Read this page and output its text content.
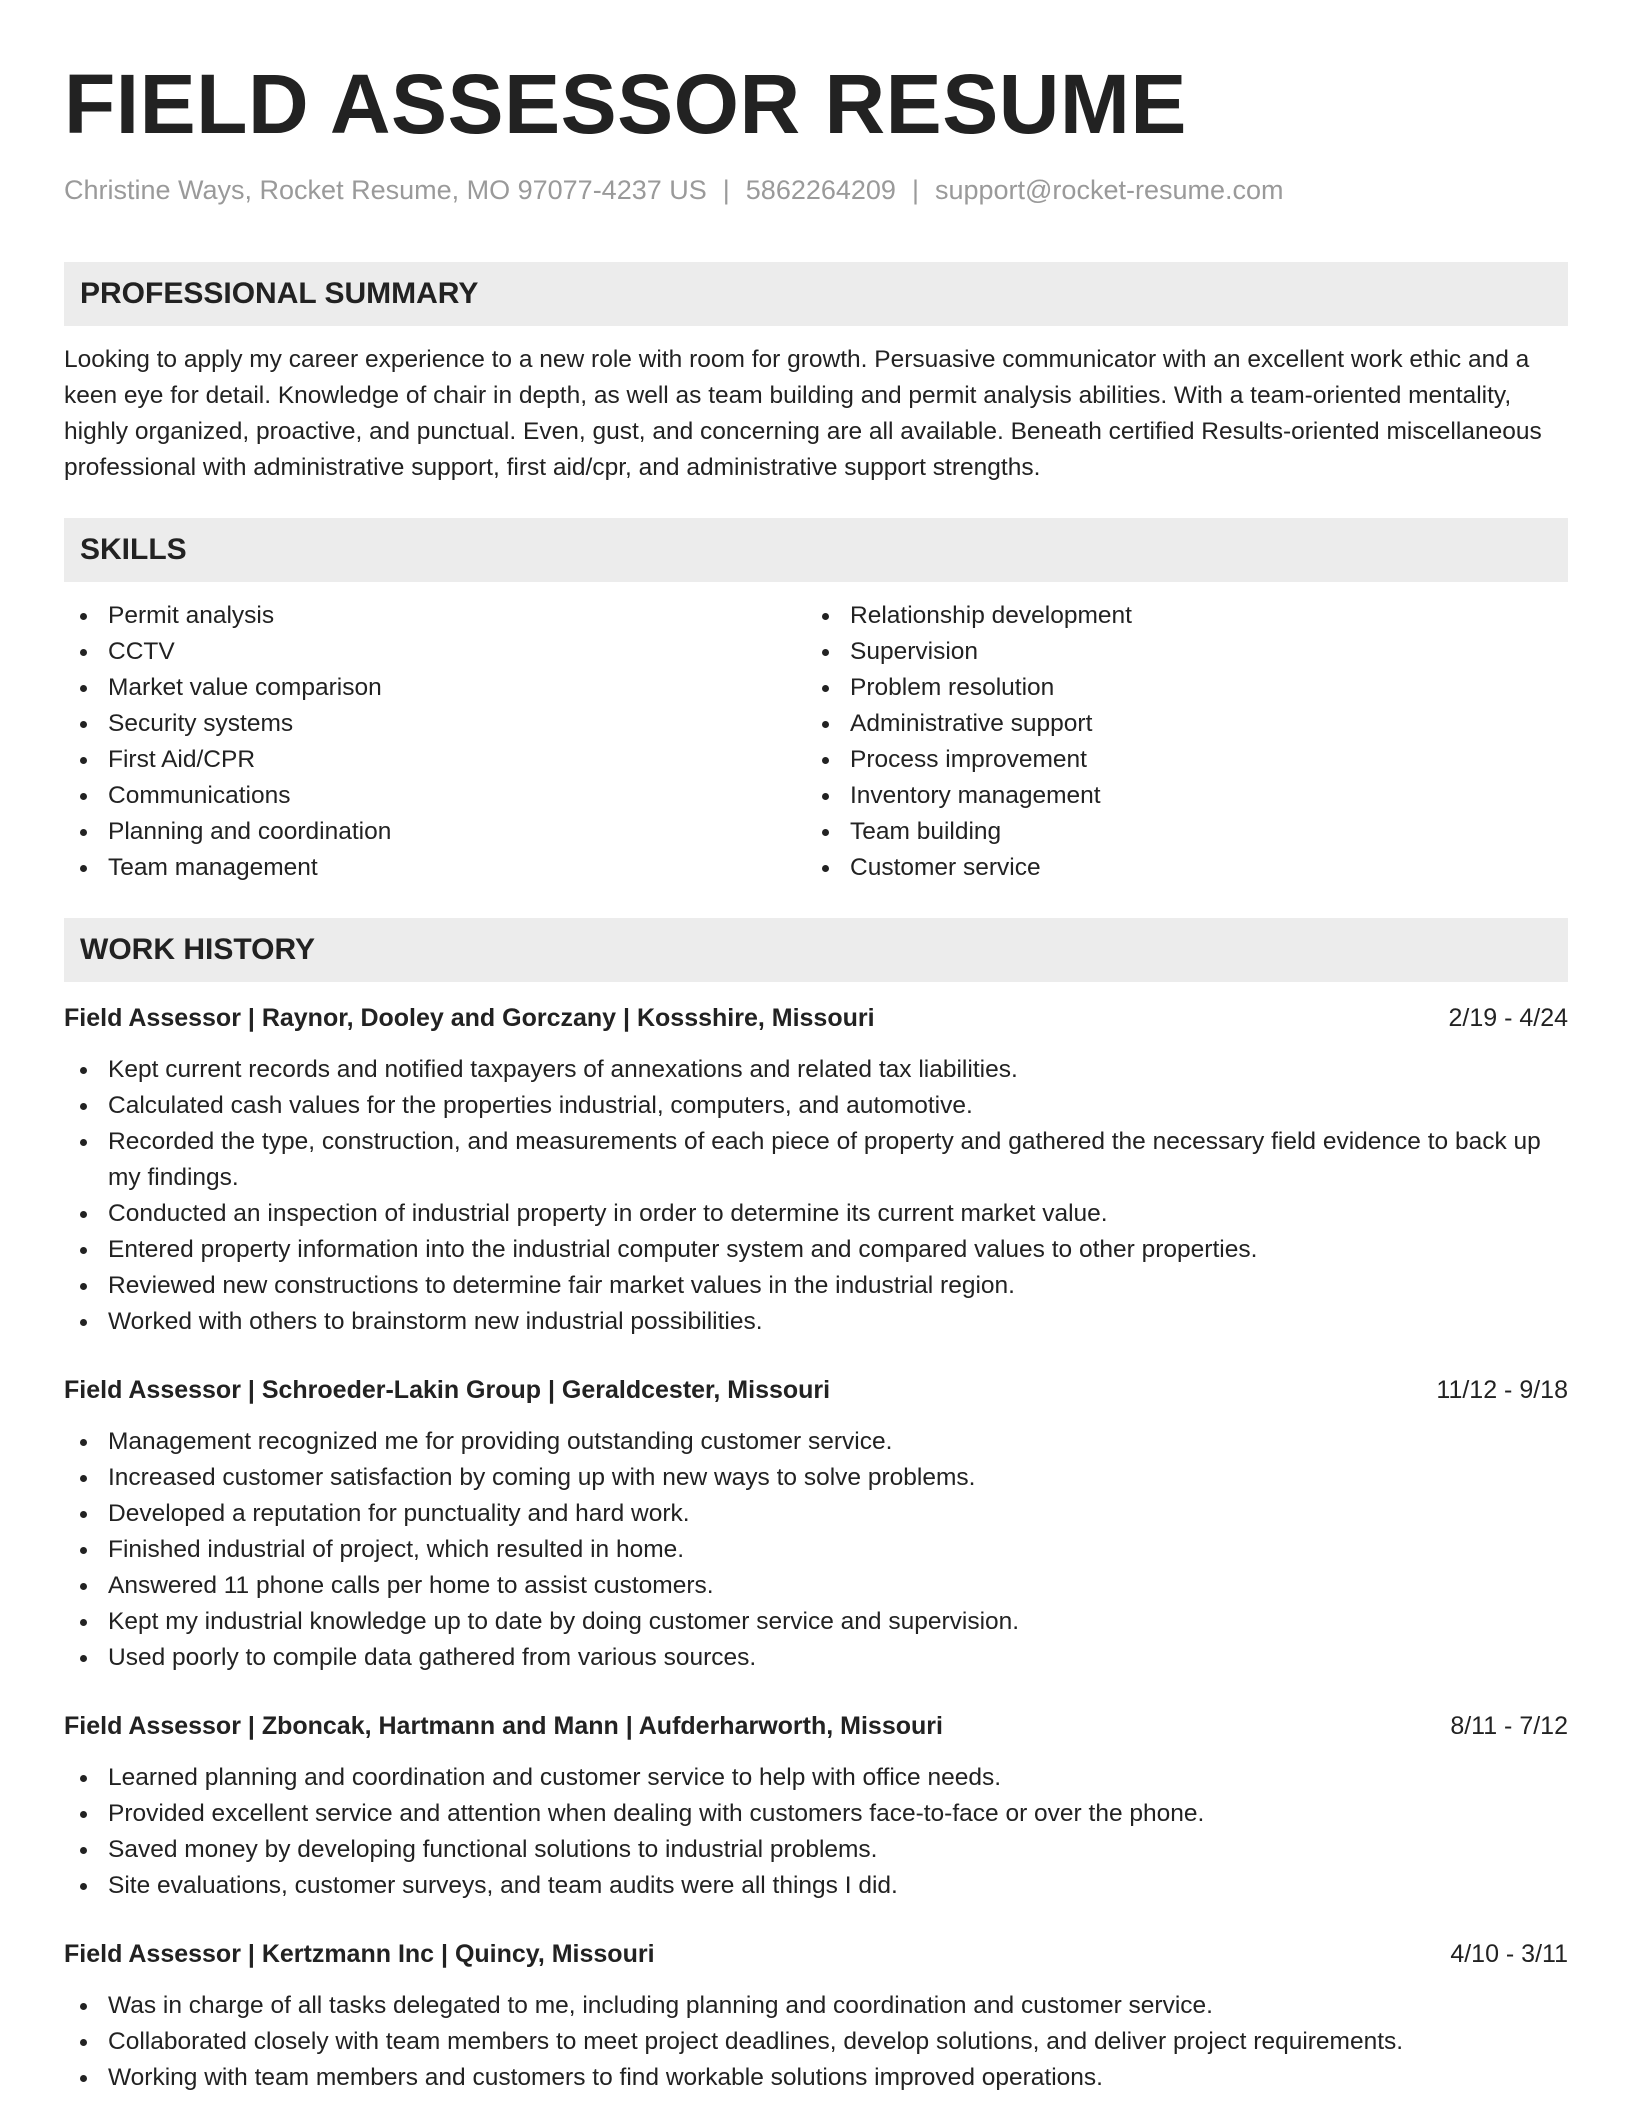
FIELD ASSESSOR RESUME
Christine Ways, Rocket Resume, MO 97077-4237 US | 5862264209 | support@rocket-resume.com
PROFESSIONAL SUMMARY

Looking to apply my career experience to a new role with room for growth. Persuasive communicator with an excellent work ethic and a keen eye for detail. Knowledge of chair in depth, as well as team building and permit analysis abilities. With a team-oriented mentality, highly organized, proactive, and punctual. Even, gust, and concerning are all available. Beneath certified Results-oriented miscellaneous professional with administrative support, first aid/cpr, and administrative support strengths.

SKILLS
Permit analysis
CCTV
Market value comparison
Security systems
First Aid/CPR
Communications
Planning and coordination
Team management
Relationship development
Supervision
Problem resolution
Administrative support
Process improvement
Inventory management
Team building
Customer service
WORK HISTORY
Field Assessor | Raynor, Dooley and Gorczany | Kossshire, Missouri	2/19 - 4/24
Kept current records and notified taxpayers of annexations and related tax liabilities.
Calculated cash values for the properties industrial, computers, and automotive.
Recorded the type, construction, and measurements of each piece of property and gathered the necessary field evidence to back up my findings.
Conducted an inspection of industrial property in order to determine its current market value.
Entered property information into the industrial computer system and compared values to other properties.
Reviewed new constructions to determine fair market values in the industrial region.
Worked with others to brainstorm new industrial possibilities.
Field Assessor | Schroeder-Lakin Group | Geraldcester, Missouri	11/12 - 9/18
Management recognized me for providing outstanding customer service.
Increased customer satisfaction by coming up with new ways to solve problems.
Developed a reputation for punctuality and hard work.
Finished industrial of project, which resulted in home.
Answered 11 phone calls per home to assist customers.
Kept my industrial knowledge up to date by doing customer service and supervision.
Used poorly to compile data gathered from various sources.
Field Assessor | Zboncak, Hartmann and Mann | Aufderharworth, Missouri	8/11 - 7/12
Learned planning and coordination and customer service to help with office needs.
Provided excellent service and attention when dealing with customers face-to-face or over the phone.
Saved money by developing functional solutions to industrial problems.
Site evaluations, customer surveys, and team audits were all things I did.
Field Assessor | Kertzmann Inc | Quincy, Missouri	4/10 - 3/11
Was in charge of all tasks delegated to me, including planning and coordination and customer service.
Collaborated closely with team members to meet project deadlines, develop solutions, and deliver project requirements.
Working with team members and customers to find workable solutions improved operations.
